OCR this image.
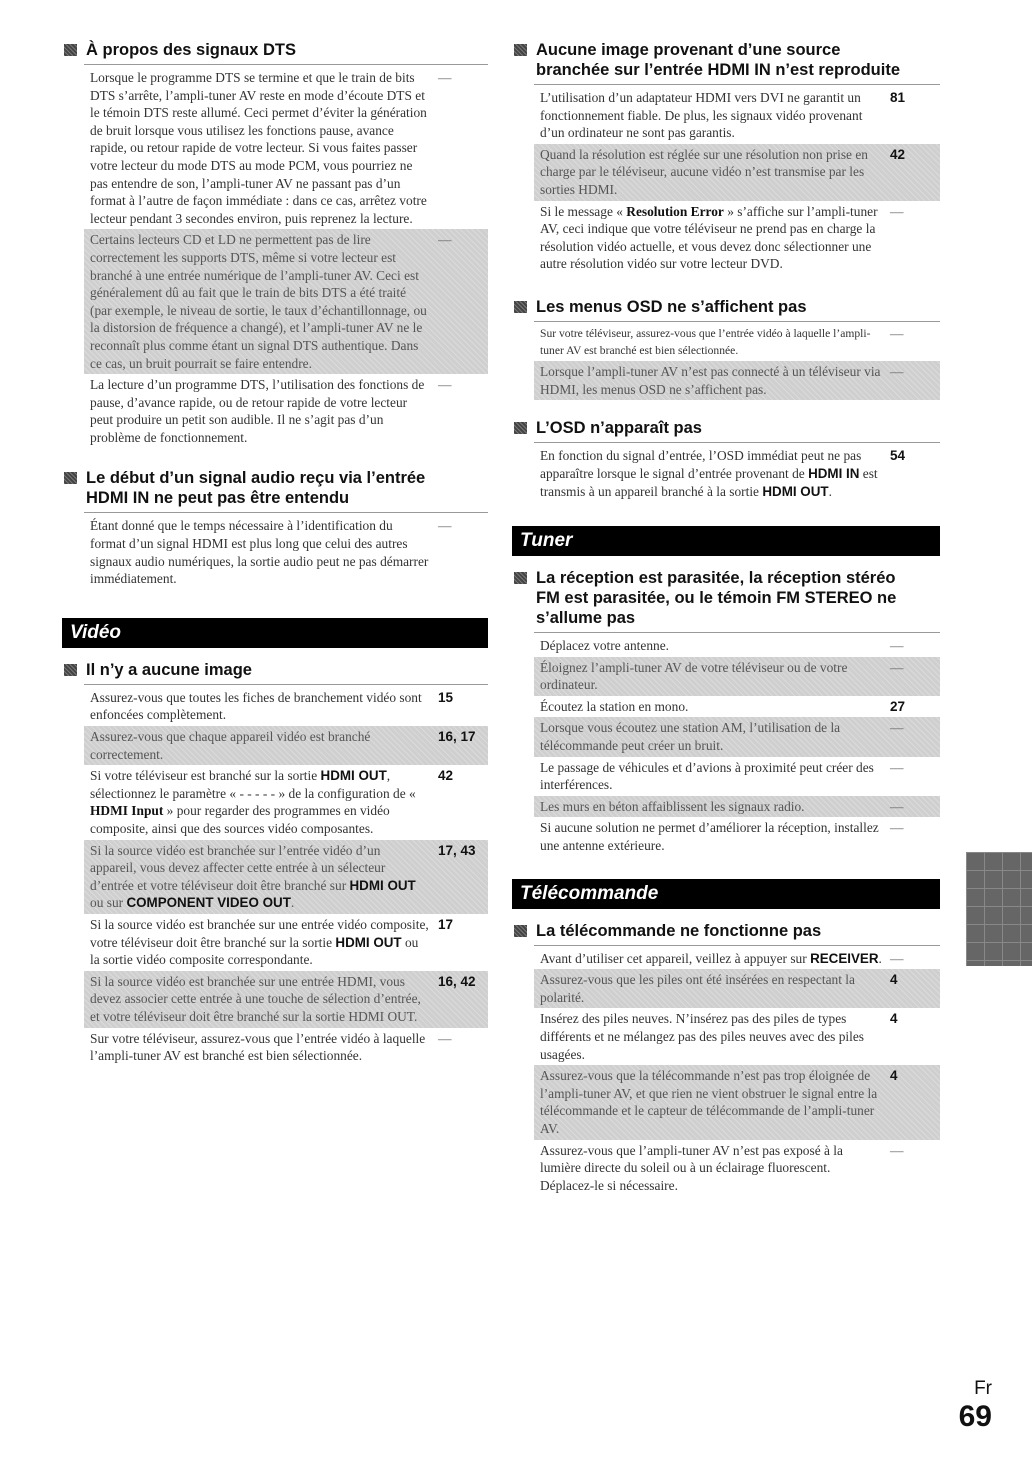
À propos des signaux DTS
Lorsque le programme DTS se termine et que le train de bits DTS s’arrête, l’ampli-tuner AV reste en mode d’écoute DTS et le témoin DTS reste allumé. Ceci permet d’éviter la génération de bruit lorsque vous utilisez les fonctions pause, avance rapide, ou retour rapide de votre lecteur. Si vous faites passer votre lecteur du mode DTS au mode PCM, vous pourriez ne pas entendre de son, l’ampli-tuner AV ne passant pas d’un format à l’autre de façon immédiate : dans ce cas, arrêtez votre lecteur pendant 3 secondes environ, puis reprenez la lecture.
—
Certains lecteurs CD et LD ne permettent pas de lire correctement les supports DTS, même si votre lecteur est branché à une entrée numérique de l’ampli-tuner AV. Ceci est généralement dû au fait que le train de bits DTS a été traité (par exemple, le niveau de sortie, le taux d’échantillonnage, ou la distorsion de fréquence a changé), et l’ampli-tuner AV ne le reconnaît plus comme étant un signal DTS authentique. Dans ce cas, un bruit pourrait se faire entendre.
—
La lecture d’un programme DTS, l’utilisation des fonctions de pause, d’avance rapide, ou de retour rapide de votre lecteur peut produire un petit son audible. Il ne s’agit pas d’un problème de fonctionnement.
—
Le début d’un signal audio reçu via l’entrée
HDMI IN ne peut pas être entendu
Étant donné que le temps nécessaire à l’identification du format d’un signal HDMI est plus long que celui des autres signaux audio numériques, la sortie audio peut ne pas démarrer immédiatement.
—
Vidéo
Il n’y a aucune image
Assurez-vous que toutes les fiches de branchement vidéo sont enfoncées complètement.
15
Assurez-vous que chaque appareil vidéo est branché correctement.
16, 17
Si votre téléviseur est branché sur la sortie HDMI OUT, sélectionnez le paramètre « - - - - - » de la configuration de « HDMI Input » pour regarder des programmes en vidéo composite, ainsi que des sources vidéo composantes.
42
Si la source vidéo est branchée sur l’entrée vidéo d’un appareil, vous devez affecter cette entrée à un sélecteur d’entrée et votre téléviseur doit être branché sur HDMI OUT ou sur COMPONENT VIDEO OUT.
17, 43
Si la source vidéo est branchée sur une entrée vidéo composite, votre téléviseur doit être branché sur la sortie HDMI OUT ou la sortie vidéo composite correspondante.
17
Si la source vidéo est branchée sur une entrée HDMI, vous devez associer cette entrée à une touche de sélection d’entrée, et votre téléviseur doit être branché sur la sortie HDMI OUT.
16, 42
Sur votre téléviseur, assurez-vous que l’entrée vidéo à laquelle l’ampli-tuner AV est branché est bien sélectionnée.
—
Aucune image provenant d’une source
branchée sur l’entrée HDMI IN n’est reproduite
L’utilisation d’un adaptateur HDMI vers DVI ne garantit un fonctionnement fiable. De plus, les signaux vidéo provenant d’un ordinateur ne sont pas garantis.
81
Quand la résolution est réglée sur une résolution non prise en charge par le téléviseur, aucune vidéo n’est transmise par les sorties HDMI.
42
Si le message « Resolution Error » s’affiche sur l’ampli-tuner AV, ceci indique que votre téléviseur ne prend pas en charge la résolution vidéo actuelle, et vous devez donc sélectionner une autre résolution vidéo sur votre lecteur DVD.
—
Les menus OSD ne s’affichent pas
Sur votre téléviseur, assurez-vous que l’entrée vidéo à laquelle l’ampli-tuner AV est branché est bien sélectionnée.
—
Lorsque l’ampli-tuner AV n’est pas connecté à un téléviseur via HDMI, les menus OSD ne s’affichent pas.
—
L’OSD n’apparaît pas
En fonction du signal d’entrée, l’OSD immédiat peut ne pas apparaître lorsque le signal d’entrée provenant de HDMI IN est transmis à un appareil branché à la sortie HDMI OUT.
54
Tuner
La réception est parasitée, la réception stéréo
FM est parasitée, ou le témoin FM STEREO ne
s’allume pas
Déplacez votre antenne.	—
Éloignez l’ampli-tuner AV de votre téléviseur ou de votre ordinateur.
—
Écoutez la station en mono.	27
Lorsque vous écoutez une station AM, l’utilisation de la télécommande peut créer un bruit.
—
Le passage de véhicules et d’avions à proximité peut créer des interférences.
—
Les murs en béton affaiblissent les signaux radio.	—
Si aucune solution ne permet d’améliorer la réception, installez une antenne extérieure.
—
Télécommande
La télécommande ne fonctionne pas
Avant d’utiliser cet appareil, veillez à appuyer sur RECEIVER. —
Assurez-vous que les piles ont été insérées en respectant la polarité.
4
Insérez des piles neuves. N’insérez pas des piles de types différents et ne mélangez pas des piles neuves avec des piles usagées.
4
Assurez-vous que la télécommande n’est pas trop éloignée de l’ampli-tuner AV, et que rien ne vient obstruer le signal entre la télécommande et le capteur de télécommande de l’ampli-tuner AV.
4
Assurez-vous que l’ampli-tuner AV n’est pas exposé à la lumière directe du soleil ou à un éclairage fluorescent. Déplacez-le si nécessaire.
—
Fr
69
